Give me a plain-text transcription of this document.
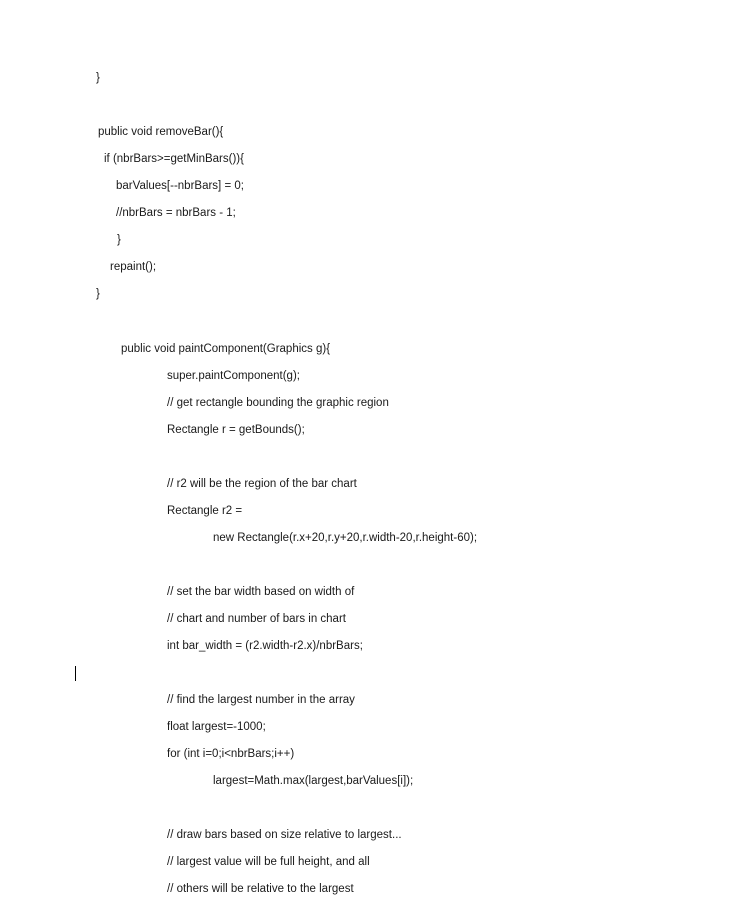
}
public void removeBar(){
if (nbrBars>=getMinBars()){
barValues[--nbrBars] = 0;
//nbrBars = nbrBars - 1;
}
repaint();
}
public void paintComponent(Graphics g){
super.paintComponent(g);
// get rectangle bounding the graphic region
Rectangle r = getBounds();
// r2 will be the region of the bar chart
Rectangle r2 =
new Rectangle(r.x+20,r.y+20,r.width-20,r.height-60);
// set the bar width based on width of
// chart and number of bars in chart
int bar_width = (r2.width-r2.x)/nbrBars;
// find the largest number in the array
float largest=-1000;
for (int i=0;i<nbrBars;i++)
largest=Math.max(largest,barValues[i]);
// draw bars based on size relative to largest...
// largest value will be full height, and all
// others will be relative to the largest
